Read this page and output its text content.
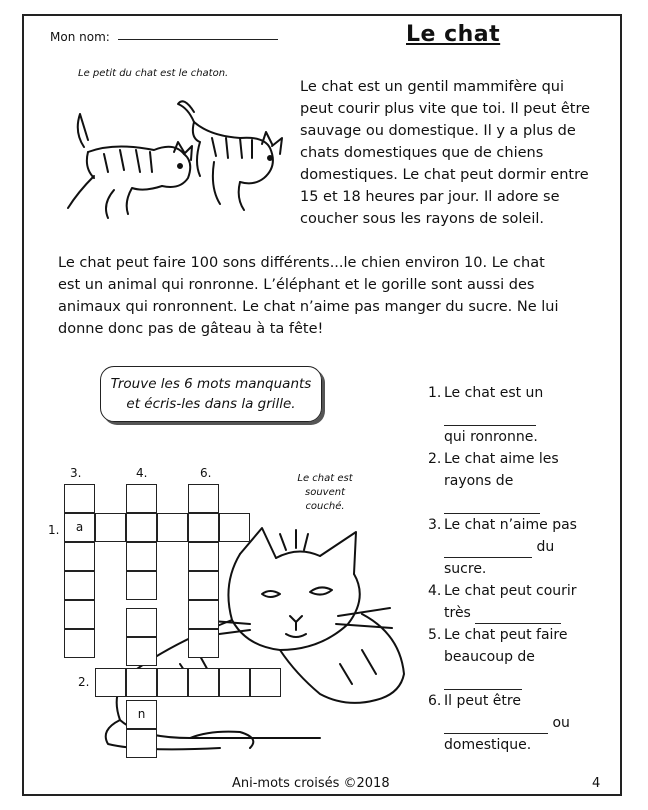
Mon nom:	Le chat
Le petit du chat est le chaton.
Le chat est un gentil mammifère qui peut courir plus vite que toi. Il peut être sauvage ou domestique. Il y a plus de chats domestiques que de chiens domestiques. Le chat peut dormir entre 15 et 18 heures par jour. Il adore se coucher sous les rayons de soleil.
Le chat peut faire 100 sons différents...le chien environ 10. Le chat est un animal qui ronronne. L’éléphant et le gorille sont aussi des animaux qui ronronnent. Le chat n’aime pas manger du sucre. Ne lui donne donc pas de gâteau à ta fête!
Trouve les 6 mots manquants
et écris-les dans la grille.
Le chat est
souvent
couché.
3.	4.	6.
1.
2.
a
n
1. Le chat est un
qui ronronne.
2. Le chat aime les
rayons de
3. Le chat n’aime pas
du sucre.
4. Le chat peut courir
très
5. Le chat peut faire
beaucoup de
6. Il peut être
ou
domestique.
Ani-mots croisés ©2018	4
